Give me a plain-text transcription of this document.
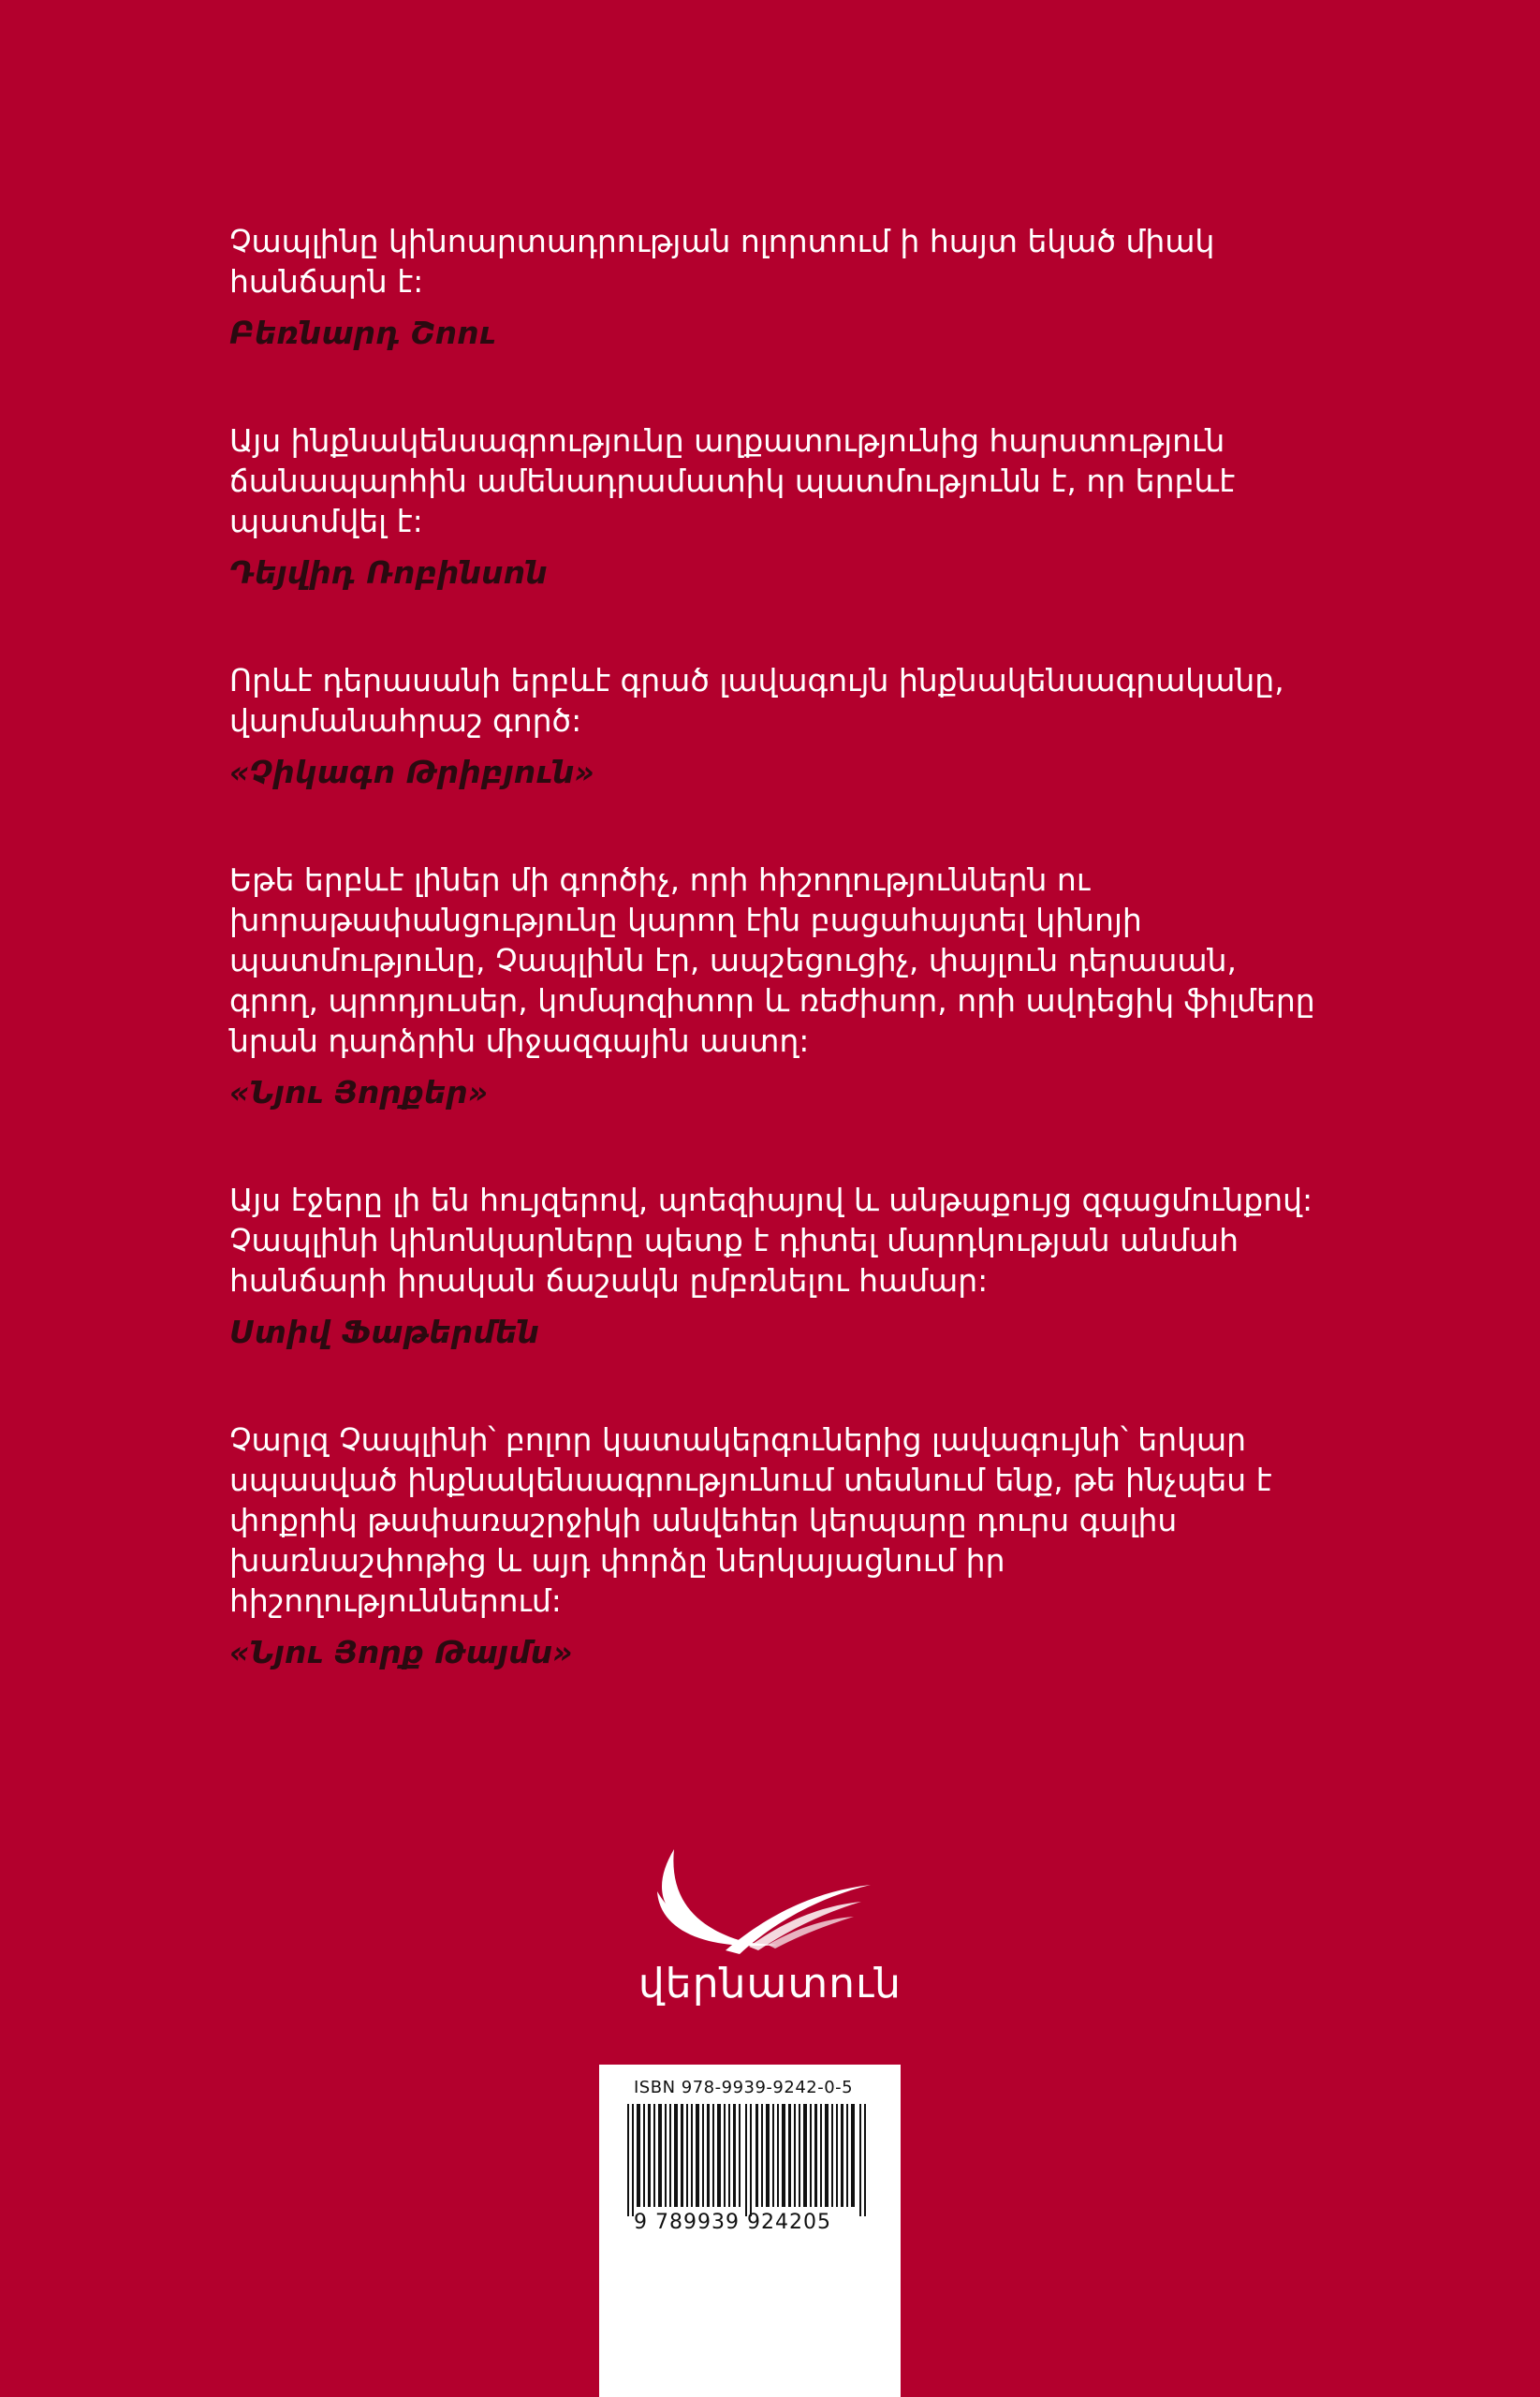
Չապլինը կինոարտադրության ոլորտում ի հայտ եկած միակ հանճարն է:

Բեռնարդ Շոու

Այս ինքնակենսագրությունը աղքատությունից հարստություն ճանապարհին ամենադրամատիկ պատմությունն է, որ երբևէ պատմվել է:

Դեյվիդ Ռոբինսոն

Որևէ դերասանի երբևէ գրած լավագույն ինքնակենսագրականը, վարմանահրաշ գործ:

«Չիկագո Թրիբյուն»

Եթե երբևէ լիներ մի գործիչ, որի հիշողություններն ու խորաթափանցությունը կարող էին բացահայտել կինոյի պատմությունը, Չապլինն էր, ապշեցուցիչ, փայլուն դերասան, գրող, պրոդյուսեր, կոմպոզիտոր և ռեժիսոր, որի ավդեցիկ ֆիլմերը նրան դարձրին միջազգային աստղ:

«Նյու Յորքեր»

Այս էջերը լի են հույզերով, պոեզիայով և անթաքույց զգացմունքով: Չապլինի կինոնկարները պետք է դիտել մարդկության անմահ հանճարի իրական ճաշակն ըմբռնելու համար:

Ստիվ Ֆաթերմեն

Չարլզ Չապլինի՝ բոլոր կատակերգուներից լավագույնի՝ երկար սպասված ինքնակենսագրությունում տեսնում ենք, թե ինչպես է փոքրիկ թափառաշրջիկի անվեհեր կերպարը դուրս գալիս խառնաշփոթից և այդ փորձը ներկայացնում իր հիշողություններում:

«Նյու Յորք Թայմս»

վերնատուն
ISBN 978-9939-9242-0-5
9 789939 924205
